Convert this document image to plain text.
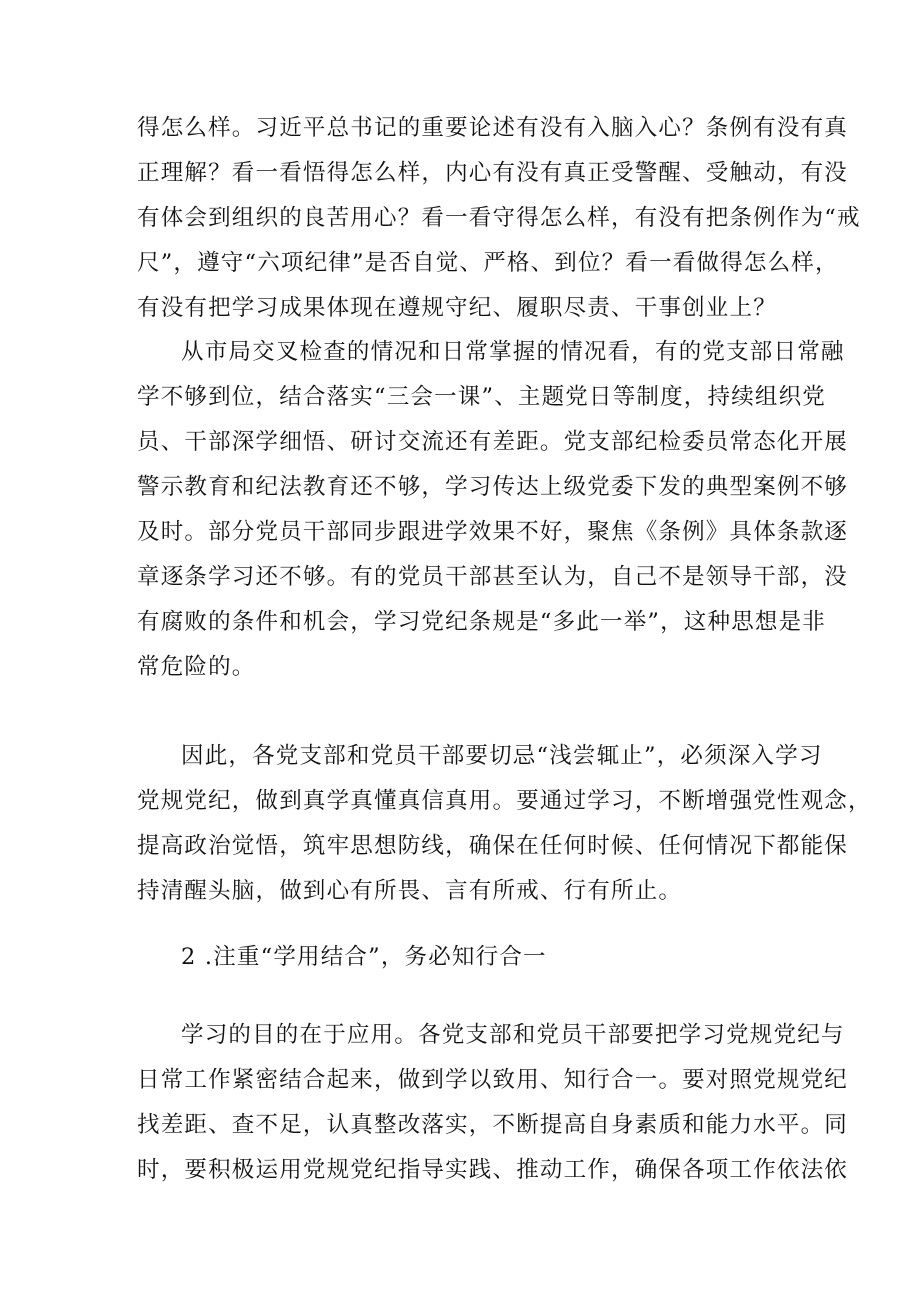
得怎么样。习近平总书记的重要论述有没有入脑入心？条例有没有真
正理解？看一看悟得怎么样，内心有没有真正受警醒、受触动，有没
有体会到组织的良苦用心？看一看守得怎么样，有没有把条例作为“戒
尺”，遵守“六项纪律”是否自觉、严格、到位？看一看做得怎么样，
有没有把学习成果体现在遵规守纪、履职尽责、干事创业上？
从市局交叉检查的情况和日常掌握的情况看，有的党支部日常融
学不够到位，结合落实“三会一课”、主题党日等制度，持续组织党
员、干部深学细悟、研讨交流还有差距。党支部纪检委员常态化开展
警示教育和纪法教育还不够，学习传达上级党委下发的典型案例不够
及时。部分党员干部同步跟进学效果不好，聚焦《条例》具体条款逐
章逐条学习还不够。有的党员干部甚至认为，自己不是领导干部，没
有腐败的条件和机会，学习党纪条规是“多此一举”，这种思想是非
常危险的。
因此，各党支部和党员干部要切忌“浅尝辄止”，必须深入学习
党规党纪，做到真学真懂真信真用。要通过学习，不断增强党性观念，
提高政治觉悟，筑牢思想防线，确保在任何时候、任何情况下都能保
持清醒头脑，做到心有所畏、言有所戒、行有所止。
2 .注重“学用结合”，务必知行合一
学习的目的在于应用。各党支部和党员干部要把学习党规党纪与
日常工作紧密结合起来，做到学以致用、知行合一。要对照党规党纪
找差距、查不足，认真整改落实，不断提高自身素质和能力水平。同
时，要积极运用党规党纪指导实践、推动工作，确保各项工作依法依
